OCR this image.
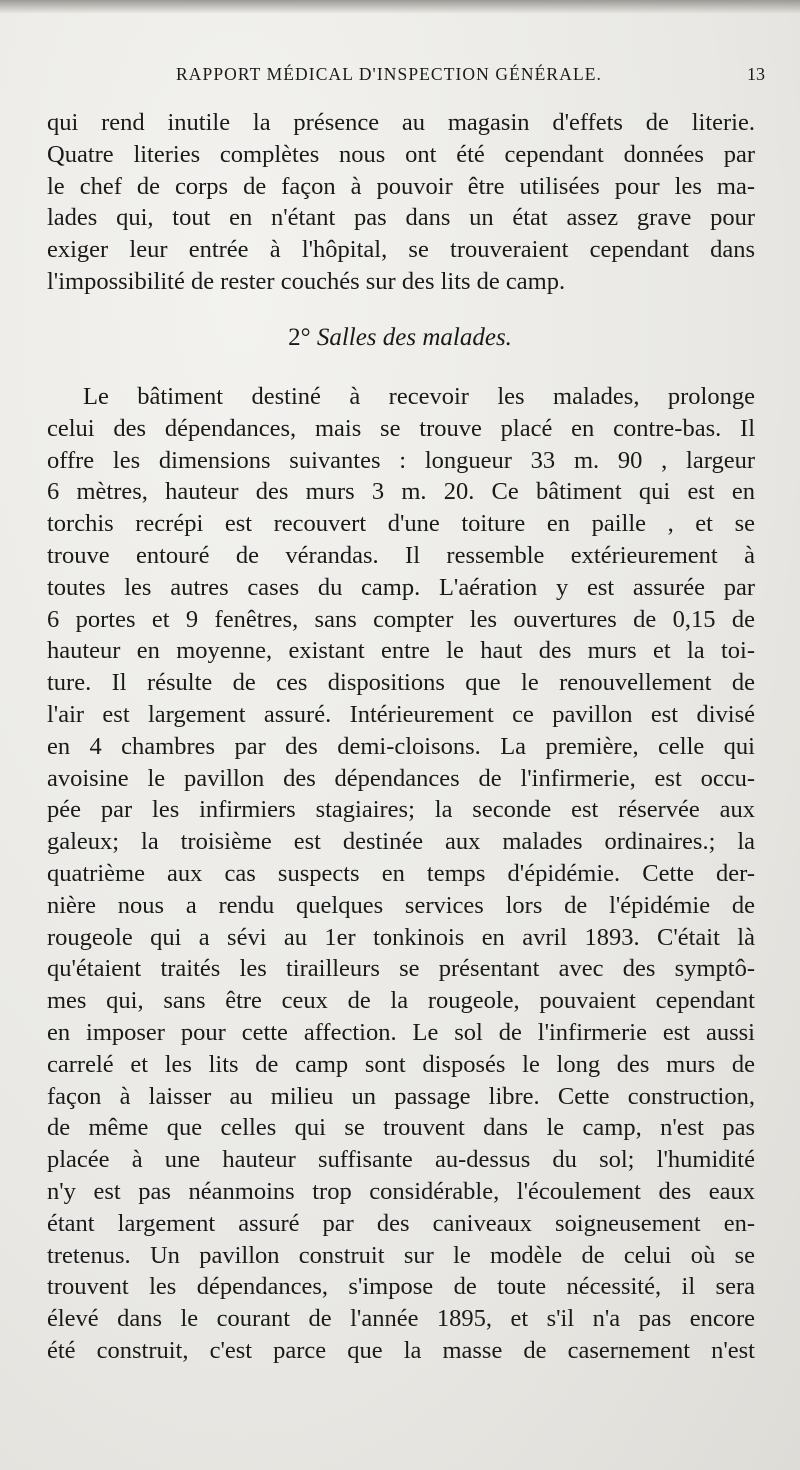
RAPPORT MÉDICAL D'INSPECTION GÉNÉRALE.	13
qui rend inutile la présence au magasin d'effets de literie.
Quatre literies complètes nous ont été cependant données par
le chef de corps de façon à pouvoir être utilisées pour les ma-
lades qui, tout en n'étant pas dans un état assez grave pour
exiger leur entrée à l'hôpital, se trouveraient cependant dans
l'impossibilité de rester couchés sur des lits de camp.
2° Salles des malades.
Le bâtiment destiné à recevoir les malades, prolonge
celui des dépendances, mais se trouve placé en contre-bas. Il
offre les dimensions suivantes : longueur 33 m. 90 , largeur
6 mètres, hauteur des murs 3 m. 20. Ce bâtiment qui est en
torchis recrépi est recouvert d'une toiture en paille , et se
trouve entouré de vérandas. Il ressemble extérieurement à
toutes les autres cases du camp. L'aération y est assurée par
6 portes et 9 fenêtres, sans compter les ouvertures de 0,15 de
hauteur en moyenne, existant entre le haut des murs et la toi-
ture. Il résulte de ces dispositions que le renouvellement de
l'air est largement assuré. Intérieurement ce pavillon est divisé
en 4 chambres par des demi-cloisons. La première, celle qui
avoisine le pavillon des dépendances de l'infirmerie, est occu-
pée par les infirmiers stagiaires; la seconde est réservée aux
galeux; la troisième est destinée aux malades ordinaires.; la
quatrième aux cas suspects en temps d'épidémie. Cette der-
nière nous a rendu quelques services lors de l'épidémie de
rougeole qui a sévi au 1er tonkinois en avril 1893. C'était là
qu'étaient traités les tirailleurs se présentant avec des symptô-
mes qui, sans être ceux de la rougeole, pouvaient cependant
en imposer pour cette affection. Le sol de l'infirmerie est aussi
carrelé et les lits de camp sont disposés le long des murs de
façon à laisser au milieu un passage libre. Cette construction,
de même que celles qui se trouvent dans le camp, n'est pas
placée à une hauteur suffisante au-dessus du sol; l'humidité
n'y est pas néanmoins trop considérable, l'écoulement des eaux
étant largement assuré par des caniveaux soigneusement en-
tretenus. Un pavillon construit sur le modèle de celui où se
trouvent les dépendances, s'impose de toute nécessité, il sera
élevé dans le courant de l'année 1895, et s'il n'a pas encore
été construit, c'est parce que la masse de casernement n'est
